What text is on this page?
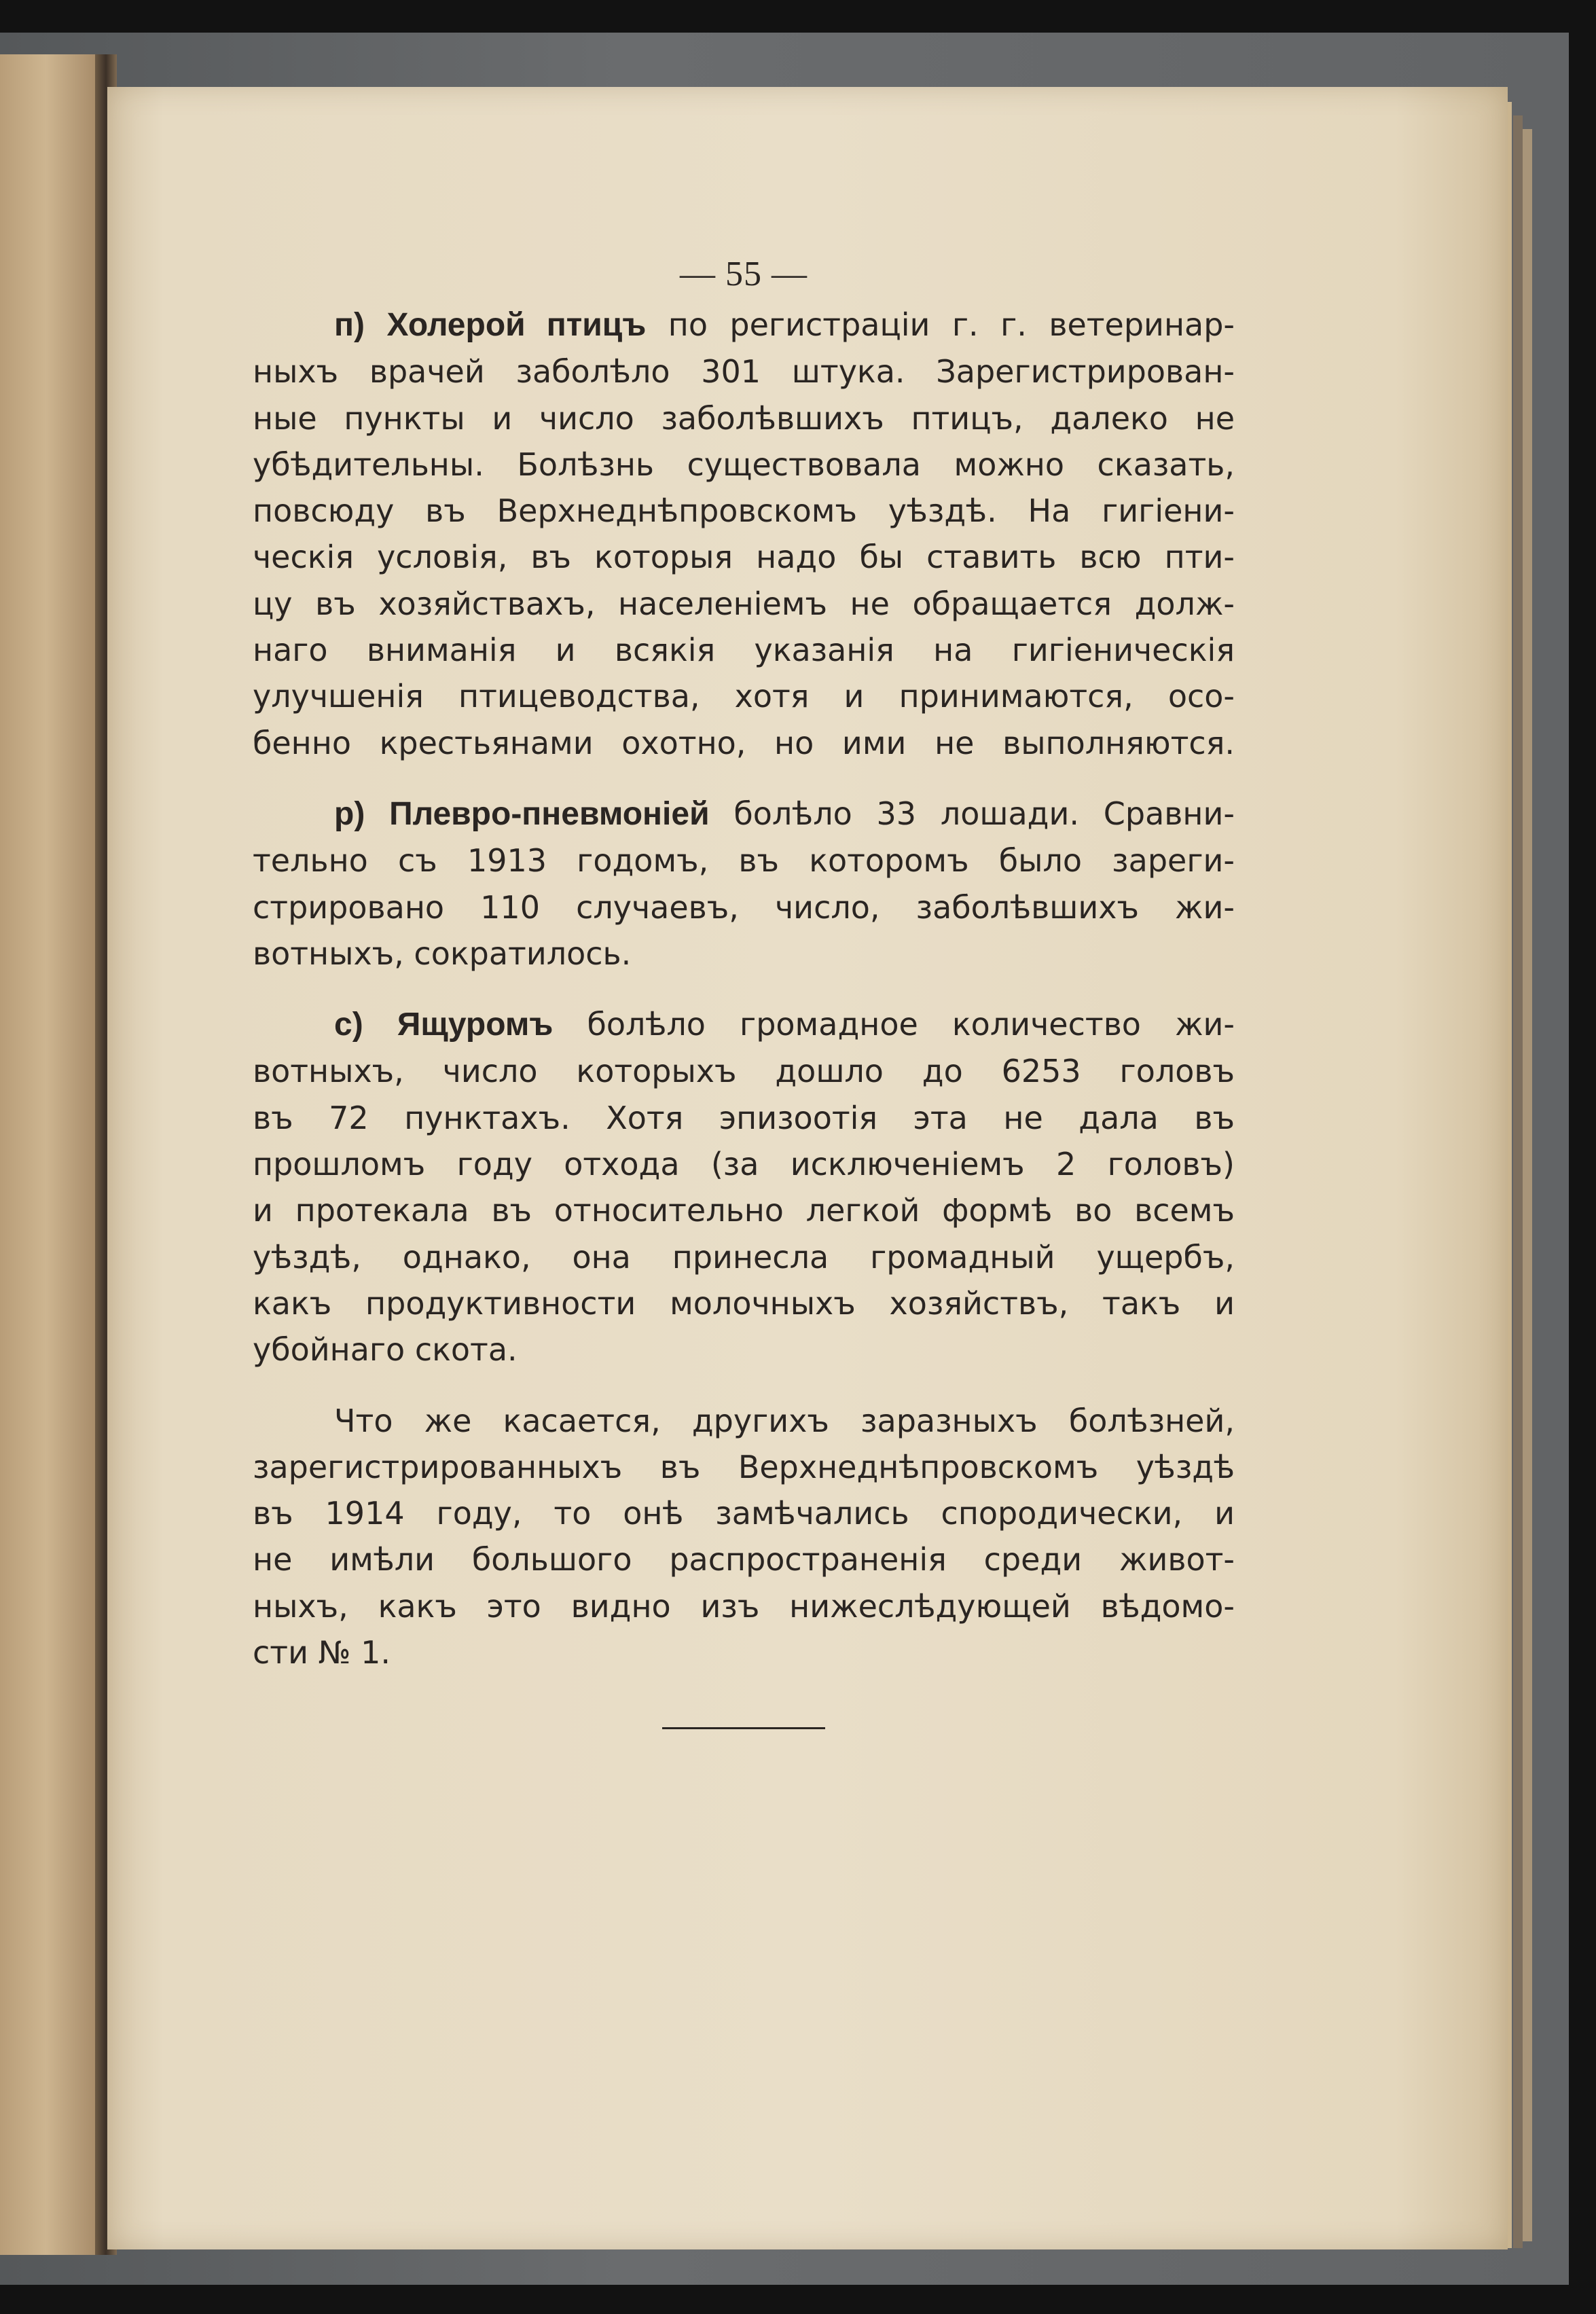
— 55 —
п) Холерой птицъ по регистраціи г. г. ветеринар-
ныхъ врачей заболѣло 301 штука. Зарегистрирован-
ные пункты и число заболѣвшихъ птицъ, далеко не
убѣдительны. Болѣзнь существовала можно сказать,
повсюду въ Верхнеднѣпровскомъ уѣздѣ. На гигіени-
ческія условія, въ которыя надо бы ставить всю пти-
цу въ хозяйствахъ, населеніемъ не обращается долж-
наго вниманія и всякія указанія на гигіеническія
улучшенія птицеводства, хотя и принимаются, осо-
бенно крестьянами охотно, но ими не выполняются.
р) Плевро-пневмоніей болѣло 33 лошади. Сравни-
тельно съ 1913 годомъ, въ которомъ было зареги-
стрировано 110 случаевъ, число, заболѣвшихъ жи-
вотныхъ, сократилось.
с) Ящуромъ болѣло громадное количество жи-
вотныхъ, число которыхъ дошло до 6253 головъ
въ 72 пунктахъ. Хотя эпизоотія эта не дала въ
прошломъ году отхода (за исключеніемъ 2 головъ)
и протекала въ относительно легкой формѣ во всемъ
уѣздѣ, однако, она принесла громадный ущербъ,
какъ продуктивности молочныхъ хозяйствъ, такъ и
убойнаго скота.
Что же касается, другихъ заразныхъ болѣзней,
зарегистрированныхъ въ Верхнеднѣпровскомъ уѣздѣ
въ 1914 году, то онѣ замѣчались спородически, и
не имѣли большого распространенія среди живот-
ныхъ, какъ это видно изъ нижеслѣдующей вѣдомо-
сти № 1.
